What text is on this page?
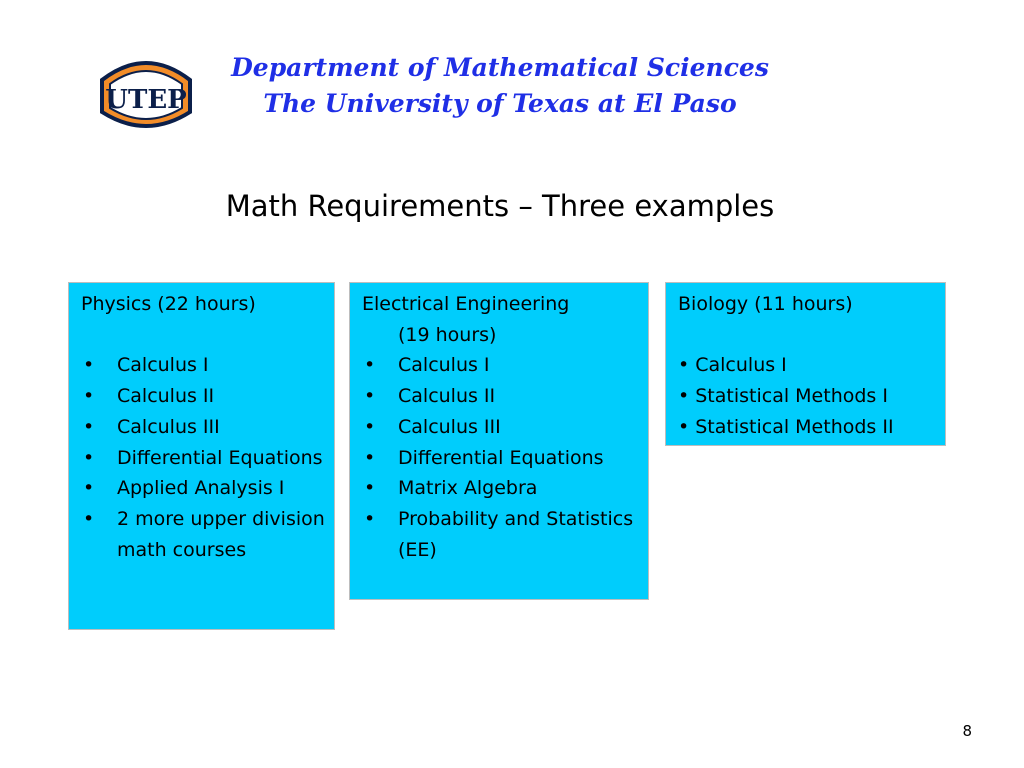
UTEP
Department of Mathematical Sciences
The University of Texas at El Paso
Math Requirements – Three examples
Physics (22 hours)
•	Calculus I
•	Calculus II
•	Calculus III
•	Differential Equations
•	Applied Analysis I
•	2 more upper division math courses
Electrical Engineering
(19 hours)
•	Calculus I
•	Calculus II
•	Calculus III
•	Differential Equations
•	Matrix Algebra
•	Probability and Statistics (EE)
Biology (11 hours)
• Calculus I
• Statistical Methods I
• Statistical Methods II
8
